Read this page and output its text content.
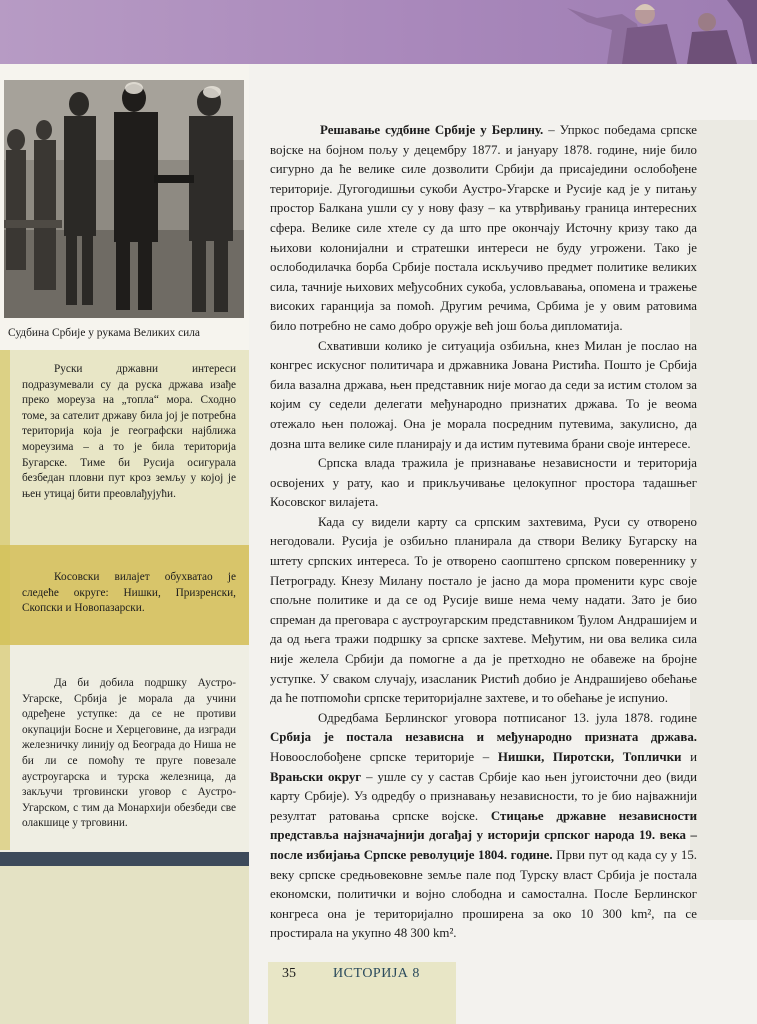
Судбина Србије у рукама Великих сила

Руски државни интереси подразумевали су да руска држава изађе преко мореуза на „топла“ мора. Сходно томе, за сателит државу била јој је потребна територија која је географски најближа мореузима – а то је била територија Бугарске. Тиме би Русија осигурала безбедан пловни пут кроз земљу у којој је њен утицај бити преовлађујући.

Косовски вилајет обухватао је следеће округе: Нишки, Призренски, Скопски и Новопазарски.

Да би добила подршку Аустро-Угарске, Србија је морала да учини одређене уступке: да се не противи окупацији Босне и Херцеговине, да изгради железничку линију од Београда до Ниша не би ли се помоћу те пруге повезале аустроугарска и турска железница, да закључи трговински уговор с Аустро-Угарском, с тим да Монархији обезбеди све олакшице у трговини.

Решавање судбине Србије у Берлину. – Упркос победама српске војске на бојном пољу у децембру 1877. и јануару 1878. године, није било сигурно да ће велике силе дозволити Србији да присаједини ослобођене територије. Дугогодишњи сукоби Аустро-Угарске и Русије кад је у питању простор Балкана ушли су у нову фазу – ка утврђивању граница интересних сфера. Велике силе хтеле су да што пре окончају Источну кризу тако да њихови колонијални и стратешки интереси не буду угрожени. Тако је ослободилачка борба Србије постала искључиво предмет политике великих сила, тачније њихових међусобних сукоба, условљавања, опомена и тражење високих гаранција за помоћ. Другим речима, Србима је у овим ратовима било потребно не само добро оружје већ још боља дипломатија.

Схвативши колико је ситуација озбиљна, кнез Милан је послао на конгрес искусног политичара и државника Јована Ристића. Пошто је Србија била вазална држава, њен представник није могао да седи за истим столом за којим су седели делегати међународно признатих држава. То је веома отежало њен положај. Она је морала посредним путевима, закулисно, да дозна шта велике силе планирају и да истим путевима брани своје интересе.

Српска влада тражила је признавање независности и територија освојених у рату, као и прикључивање целокупног простора тадашњег Косовског вилајета.

Када су видели карту са српским захтевима, Руси су отворено негодовали. Русија је озбиљно планирала да створи Велику Бугарску на штету српских интереса. То је отворено саопштено српском повереннику у Петрограду. Кнезу Милану постало је јасно да мора променити курс своје спољне политике и да се од Русије више нема чему надати. Зато је био спреман да преговара с аустроугарским представником Ђулом Андрашијем и да од њега тражи подршку за српске захтеве. Међутим, ни ова велика сила није желела Србији да помогне а да је претходно не обавеже на бројне уступке. У сваком случају, изасланик Ристић добио је Андрашијево обећање да ће потпомоћи српске територијалне захтеве, и то обећање је испунио.

Одредбама Берлинског уговора потписаног 13. јула 1878. године Србија је постала независна и међународно призната држава. Новоослобођене српске територије – Нишки, Пиротски, Топлички и Врањски округ – ушле су у састав Србије као њен југоисточни део (види карту Србије). Уз одредбу о признавању независности, то је био најважнији резултат ратовања српске војске. Стицање државне независности представља најзначајнији догађај у историји српског народа 19. века – после избијања Српске револуције 1804. године. Први пут од када су у 15. веку српске средњовековне земље пале под Турску власт Србија је постала економски, политички и војно слободна и самостална. После Берлинског конгреса она је територијално проширена за око 10 300 km², па се простирала на укупно 48 300 km².

35	ИСТОРИЈА 8
